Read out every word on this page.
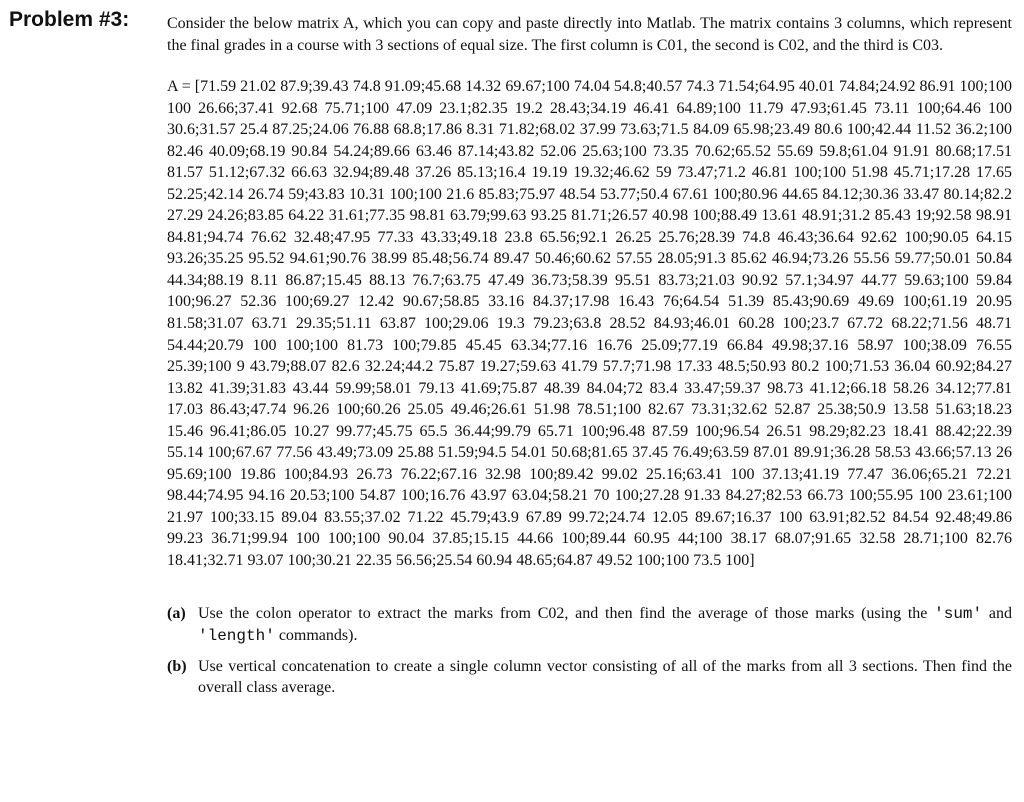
Problem #3: Consider the below matrix A, which you can copy and paste directly into Matlab. The matrix contains 3 columns, which represent the final grades in a course with 3 sections of equal size. The first column is C01, the second is C02, and the third is C03.

A = [71.59 21.02 87.9;39.43 74.8 91.09;45.68 14.32 69.67;100 74.04 54.8;40.57 74.3 71.54;64.95 40.01 74.84;24.92 86.91 100;100 100 26.66;37.41 92.68 75.71;100 47.09 23.1;82.35 19.2 28.43;34.19 46.41 64.89;100 11.79 47.93;61.45 73.11 100;64.46 100 30.6;31.57 25.4 87.25;24.06 76.88 68.8;17.86 8.31 71.82;68.02 37.99 73.63;71.5 84.09 65.98;23.49 80.6 100;42.44 11.52 36.2;100 82.46 40.09;68.19 90.84 54.24;89.66 63.46 87.14;43.82 52.06 25.63;100 73.35 70.62;65.52 55.69 59.8;61.04 91.91 80.68;17.51 81.57 51.12;67.32 66.63 32.94;89.48 37.26 85.13;16.4 19.19 19.32;46.62 59 73.47;71.2 46.81 100;100 51.98 45.71;17.28 17.65 52.25;42.14 26.74 59;43.83 10.31 100;100 21.6 85.83;75.97 48.54 53.77;50.4 67.61 100;80.96 44.65 84.12;30.36 33.47 80.14;82.2 27.29 24.26;83.85 64.22 31.61;77.35 98.81 63.79;99.63 93.25 81.71;26.57 40.98 100;88.49 13.61 48.91;31.2 85.43 19;92.58 98.91 84.81;94.74 76.62 32.48;47.95 77.33 43.33;49.18 23.8 65.56;92.1 26.25 25.76;28.39 74.8 46.43;36.64 92.62 100;90.05 64.15 93.26;35.25 95.52 94.61;90.76 38.99 85.48;56.74 89.47 50.46;60.62 57.55 28.05;91.3 85.62 46.94;73.26 55.56 59.77;50.01 50.84 44.34;88.19 8.11 86.87;15.45 88.13 76.7;63.75 47.49 36.73;58.39 95.51 83.73;21.03 90.92 57.1;34.97 44.77 59.63;100 59.84 100;96.27 52.36 100;69.27 12.42 90.67;58.85 33.16 84.37;17.98 16.43 76;64.54 51.39 85.43;90.69 49.69 100;61.19 20.95 81.58;31.07 63.71 29.35;51.11 63.87 100;29.06 19.3 79.23;63.8 28.52 84.93;46.01 60.28 100;23.7 67.72 68.22;71.56 48.71 54.44;20.79 100 100;100 81.73 100;79.85 45.45 63.34;77.16 16.76 25.09;77.19 66.84 49.98;37.16 58.97 100;38.09 76.55 25.39;100 9 43.79;88.07 82.6 32.24;44.2 75.87 19.27;59.63 41.79 57.7;71.98 17.33 48.5;50.93 80.2 100;71.53 36.04 60.92;84.27 13.82 41.39;31.83 43.44 59.99;58.01 79.13 41.69;75.87 48.39 84.04;72 83.4 33.47;59.37 98.73 41.12;66.18 58.26 34.12;77.81 17.03 86.43;47.74 96.26 100;60.26 25.05 49.46;26.61 51.98 78.51;100 82.67 73.31;32.62 52.87 25.38;50.9 13.58 51.63;18.23 15.46 96.41;86.05 10.27 99.77;45.75 65.5 36.44;99.79 65.71 100;96.48 87.59 100;96.54 26.51 98.29;82.23 18.41 88.42;22.39 55.14 100;67.67 77.56 43.49;73.09 25.88 51.59;94.5 54.01 50.68;81.65 37.45 76.49;63.59 87.01 89.91;36.28 58.53 43.66;57.13 26 95.69;100 19.86 100;84.93 26.73 76.22;67.16 32.98 100;89.42 99.02 25.16;63.41 100 37.13;41.19 77.47 36.06;65.21 72.21 98.44;74.95 94.16 20.53;100 54.87 100;16.76 43.97 63.04;58.21 70 100;27.28 91.33 84.27;82.53 66.73 100;55.95 100 23.61;100 21.97 100;33.15 89.04 83.55;37.02 71.22 45.79;43.9 67.89 99.72;24.74 12.05 89.67;16.37 100 63.91;82.52 84.54 92.48;49.86 99.23 36.71;99.94 100 100;100 90.04 37.85;15.15 44.66 100;89.44 60.95 44;100 38.17 68.07;91.65 32.58 28.71;100 82.76 18.41;32.71 93.07 100;30.21 22.35 56.56;25.54 60.94 48.65;64.87 49.52 100;100 73.5 100]

(a) Use the colon operator to extract the marks from C02, and then find the average of those marks (using the 'sum' and 'length' commands).
(b) Use vertical concatenation to create a single column vector consisting of all of the marks from all 3 sections. Then find the overall class average.
